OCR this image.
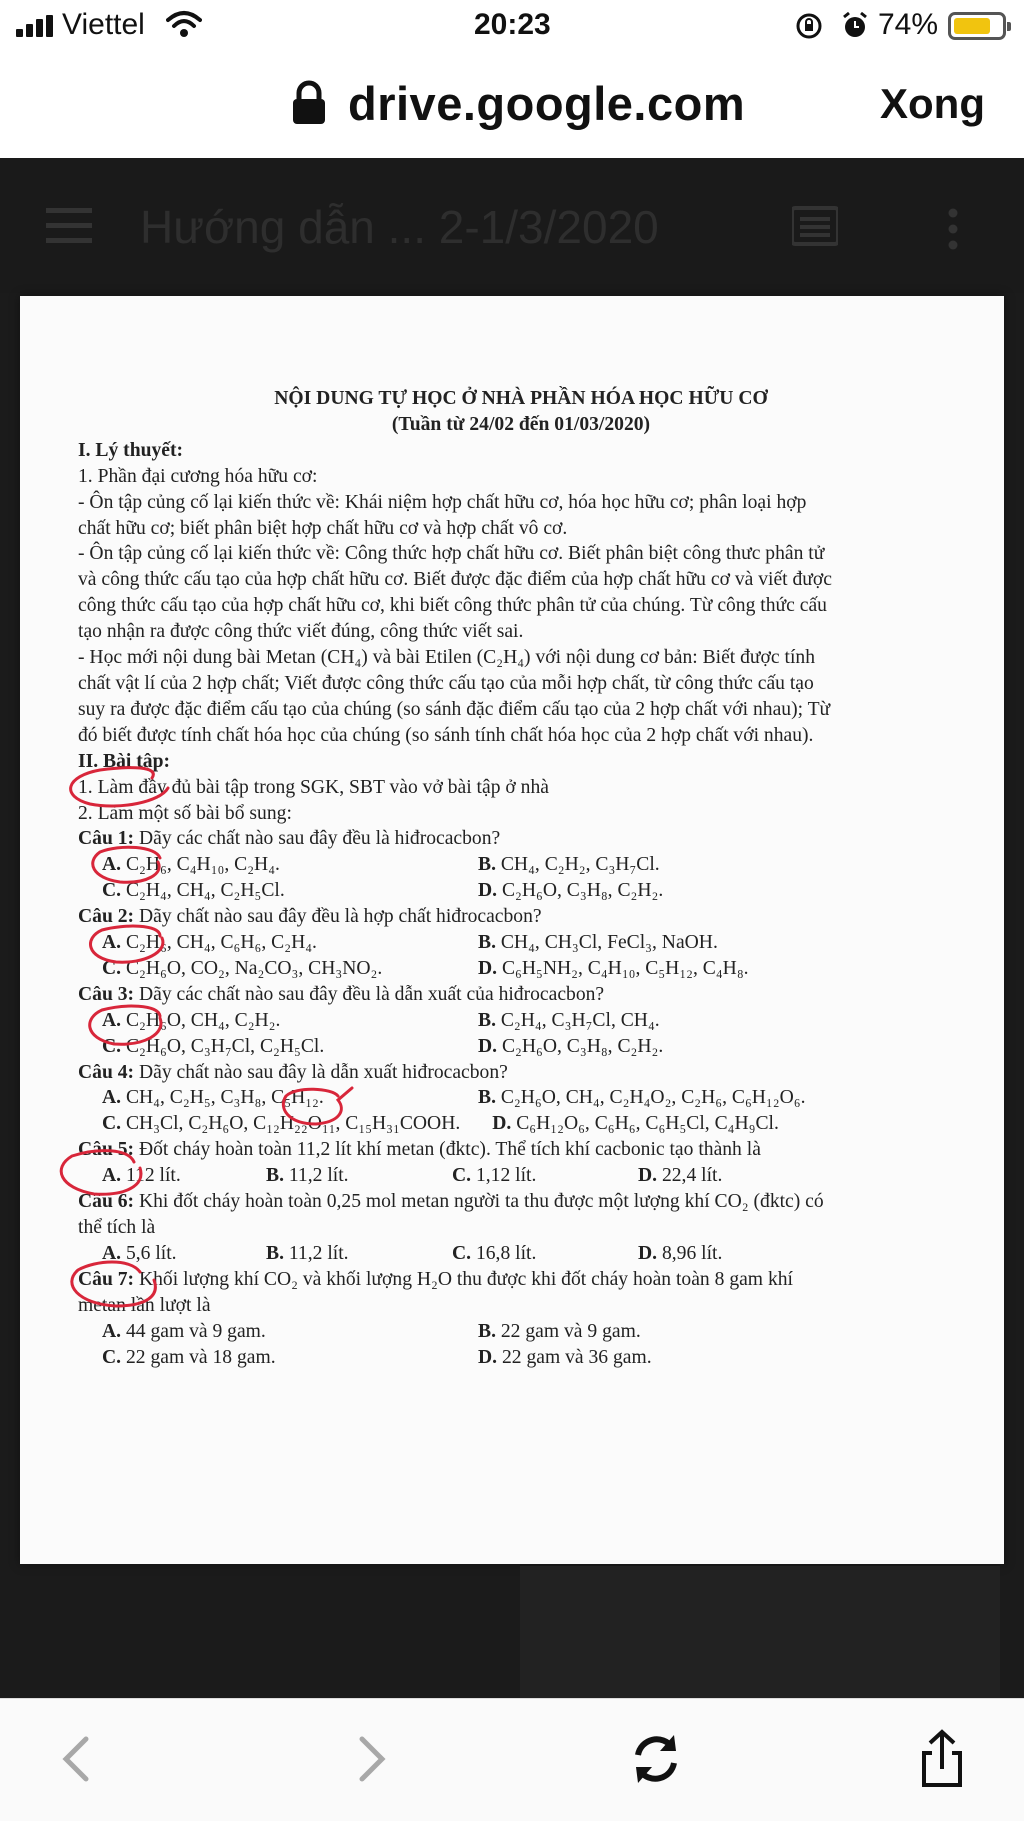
Viettel	20:23	74%
drive.google.com	Xong
Hướng dẫn ... 2-1/3/2020
NỘI DUNG TỰ HỌC Ở NHÀ PHẦN HÓA HỌC HỮU CƠ
(Tuần từ 24/02 đến 01/03/2020)
I. Lý thuyết:
1. Phần đại cương hóa hữu cơ:
- Ôn tập củng cố lại kiến thức về: Khái niệm hợp chất hữu cơ, hóa học hữu cơ; phân loại hợp
chất hữu cơ; biết phân biệt hợp chất hữu cơ và hợp chất vô cơ.
- Ôn tập củng cố lại kiến thức về: Công thức hợp chất hữu cơ. Biết phân biệt công thưc phân tử
và công thức cấu tạo của hợp chất hữu cơ. Biết được đặc điểm của hợp chất hữu cơ và viết được
công thức cấu tạo của hợp chất hữu cơ, khi biết công thức phân tử của chúng. Từ công thức cấu
tạo nhận ra được công thức viết đúng, công thức viết sai.
- Học mới nội dung bài Metan (CH₄) và bài Etilen (C₂H₄) với nội dung cơ bản: Biết được tính
chất vật lí của 2 hợp chất; Viết được công thức cấu tạo của mỗi hợp chất, từ công thức cấu tạo
suy ra được đặc điểm cấu tạo của chúng (so sánh đặc điểm cấu tạo của 2 hợp chất với nhau); Từ
đó biết được tính chất hóa học của chúng (so sánh tính chất hóa học của 2 hợp chất với nhau).
II. Bài tập:
1. Làm đầy đủ bài tập trong SGK, SBT vào vở bài tập ở nhà
2. Làm một số bài bổ sung:
Câu 1: Dãy các chất nào sau đây đều là hiđrocacbon?
A. C₂H₆, C₄H₁₀, C₂H₄.	B. CH₄, C₂H₂, C₃H₇Cl.
C. C₂H₄, CH₄, C₂H₅Cl.	D. C₂H₆O, C₃H₈, C₂H₂.
Câu 2: Dãy chất nào sau đây đều là hợp chất hiđrocacbon?
A. C₂H₆, CH₄, C₆H₆, C₂H₄.	B. CH₄, CH₃Cl, FeCl₃, NaOH.
C. C₂H₆O, CO₂, Na₂CO₃, CH₃NO₂.	D. C₆H₅NH₂, C₄H₁₀, C₅H₁₂, C₄H₈.
Câu 3: Dãy các chất nào sau đây đều là dẫn xuất của hiđrocacbon?
A. C₂H₆O, CH₄, C₂H₂.	B. C₂H₄, C₃H₇Cl, CH₄.
C. C₂H₆O, C₃H₇Cl, C₂H₅Cl.	D. C₂H₆O, C₃H₈, C₂H₂.
Câu 4: Dãy chất nào sau đây là dẫn xuất hiđrocacbon?
A. CH₄, C₂H₅, C₃H₈, C₅H₁₂.	B. C₂H₆O, CH₄, C₂H₄O₂, C₂H₆, C₆H₁₂O₆.
C. CH₃Cl, C₂H₆O, C₁₂H₂₂O₁₁, C₁₅H₃₁COOH. D. C₆H₁₂O₆, C₆H₆, C₆H₅Cl, C₄H₉Cl.
Câu 5: Đốt cháy hoàn toàn 11,2 lít khí metan (đktc). Thể tích khí cacbonic tạo thành là
A. 112 lít.	B. 11,2 lít.	C. 1,12 lít.	D. 22,4 lít.
Câu 6: Khi đốt cháy hoàn toàn 0,25 mol metan người ta thu được một lượng khí CO₂ (đktc) có
thể tích là
A. 5,6 lít.	B. 11,2 lít.	C. 16,8 lít.	D. 8,96 lít.
Câu 7: Khối lượng khí CO₂ và khối lượng H₂O thu được khi đốt cháy hoàn toàn 8 gam khí
metan lần lượt là
A. 44 gam và 9 gam.	B. 22 gam và 9 gam.
C. 22 gam và 18 gam.	D. 22 gam và 36 gam.
